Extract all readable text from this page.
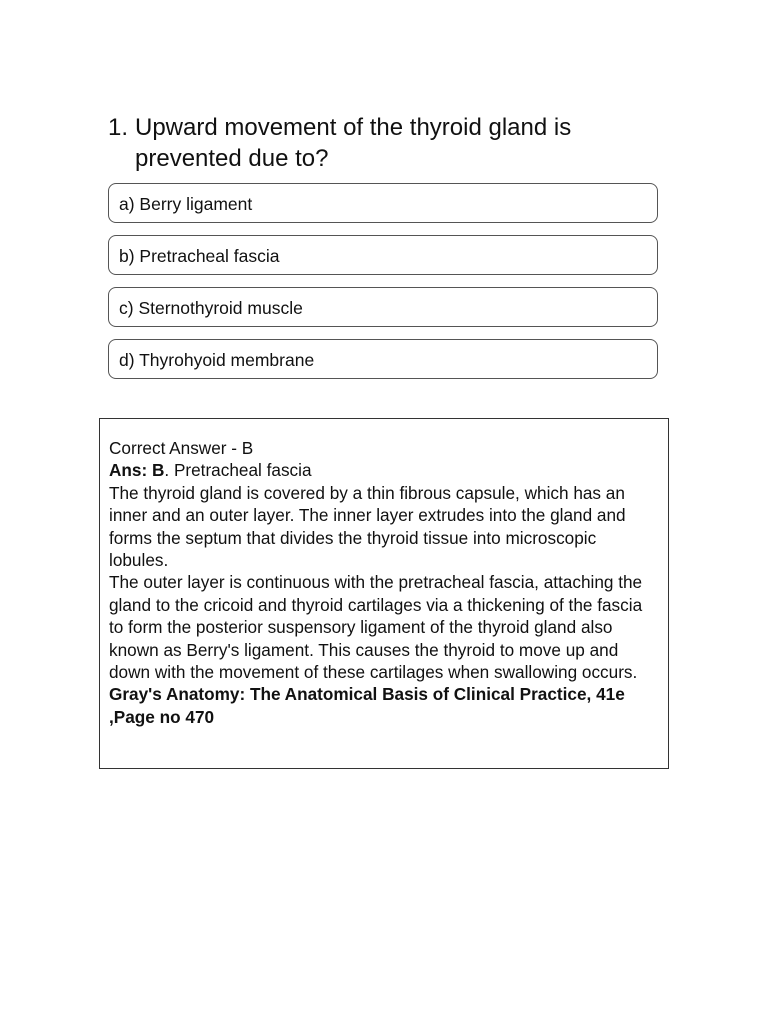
1. Upward movement of the thyroid gland is prevented due to?
a) Berry ligament
b) Pretracheal fascia
c) Sternothyroid muscle
d) Thyrohyoid membrane

Correct Answer - B

Ans: B. Pretracheal fascia

The thyroid gland is covered by a thin fibrous capsule, which has an inner and an outer layer. The inner layer extrudes into the gland and forms the septum that divides the thyroid tissue into microscopic lobules.

The outer layer is continuous with the pretracheal fascia, attaching the gland to the cricoid and thyroid cartilages via a thickening of the fascia to form the posterior suspensory ligament of the thyroid gland also known as Berry's ligament. This causes the thyroid to move up and down with the movement of these cartilages when swallowing occurs.

Gray's Anatomy: The Anatomical Basis of Clinical Practice, 41e ,Page no 470
